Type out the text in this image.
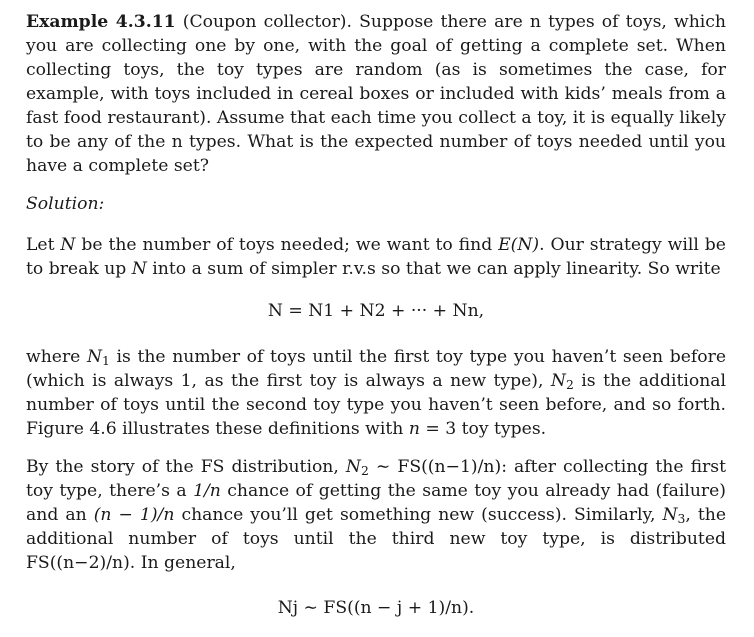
Example 4.3.11 (Coupon collector). Suppose there are n types of toys, which you are collecting one by one, with the goal of getting a complete set. When collecting toys, the toy types are random (as is sometimes the case, for example, with toys included in cereal boxes or included with kids’ meals from a fast food restaurant). Assume that each time you collect a toy, it is equally likely to be any of the n types. What is the expected number of toys needed until you have a complete set?

Solution:

Let N be the number of toys needed; we want to find E(N). Our strategy will be to break up N into a sum of simpler r.v.s so that we can apply linearity. So write

N = N1 + N2 + ··· + Nn,

where $N_1$ is the number of toys until the first toy type you haven’t seen before (which is always 1, as the first toy is always a new type), $N_2$ is the additional number of toys until the second toy type you haven’t seen before, and so forth. Figure 4.6 illustrates these definitions with n = 3 toy types.

By the story of the FS distribution, $N_2$ ∼ FS((n−1)/n): after collecting the first toy type, there’s a 1/n chance of getting the same toy you already had (failure) and an (n − 1)/n chance you’ll get something new (success). Similarly, $N_3$, the additional number of toys until the third new toy type, is distributed FS((n−2)/n). In general,

Nj ∼ FS((n − j + 1)/n).
